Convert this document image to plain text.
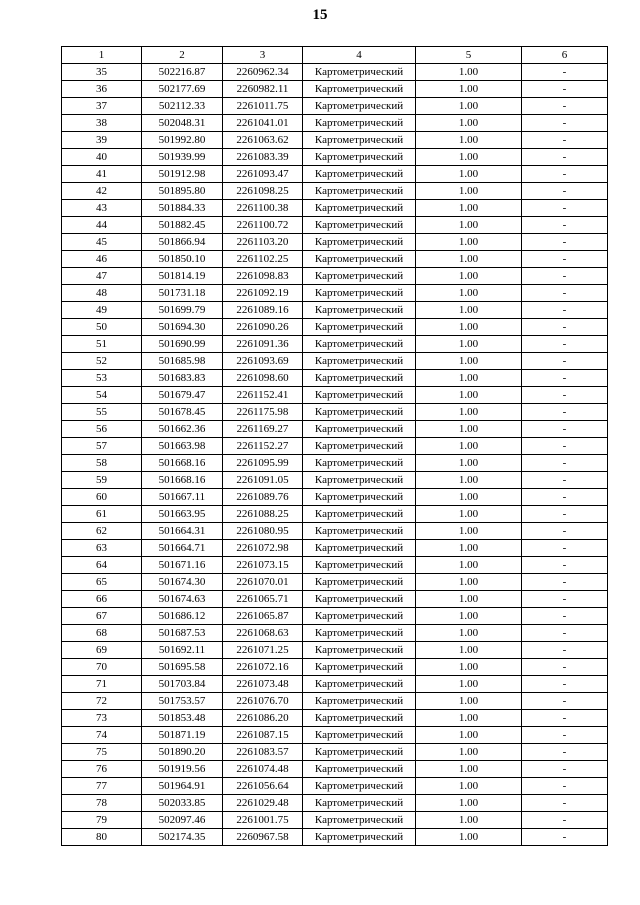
15
1	2	3	4	5	6
35	502216.87	2260962.34	Картометрический	1.00	-
36	502177.69	2260982.11	Картометрический	1.00	-
37	502112.33	2261011.75	Картометрический	1.00	-
38	502048.31	2261041.01	Картометрический	1.00	-
39	501992.80	2261063.62	Картометрический	1.00	-
40	501939.99	2261083.39	Картометрический	1.00	-
41	501912.98	2261093.47	Картометрический	1.00	-
42	501895.80	2261098.25	Картометрический	1.00	-
43	501884.33	2261100.38	Картометрический	1.00	-
44	501882.45	2261100.72	Картометрический	1.00	-
45	501866.94	2261103.20	Картометрический	1.00	-
46	501850.10	2261102.25	Картометрический	1.00	-
47	501814.19	2261098.83	Картометрический	1.00	-
48	501731.18	2261092.19	Картометрический	1.00	-
49	501699.79	2261089.16	Картометрический	1.00	-
50	501694.30	2261090.26	Картометрический	1.00	-
51	501690.99	2261091.36	Картометрический	1.00	-
52	501685.98	2261093.69	Картометрический	1.00	-
53	501683.83	2261098.60	Картометрический	1.00	-
54	501679.47	2261152.41	Картометрический	1.00	-
55	501678.45	2261175.98	Картометрический	1.00	-
56	501662.36	2261169.27	Картометрический	1.00	-
57	501663.98	2261152.27	Картометрический	1.00	-
58	501668.16	2261095.99	Картометрический	1.00	-
59	501668.16	2261091.05	Картометрический	1.00	-
60	501667.11	2261089.76	Картометрический	1.00	-
61	501663.95	2261088.25	Картометрический	1.00	-
62	501664.31	2261080.95	Картометрический	1.00	-
63	501664.71	2261072.98	Картометрический	1.00	-
64	501671.16	2261073.15	Картометрический	1.00	-
65	501674.30	2261070.01	Картометрический	1.00	-
66	501674.63	2261065.71	Картометрический	1.00	-
67	501686.12	2261065.87	Картометрический	1.00	-
68	501687.53	2261068.63	Картометрический	1.00	-
69	501692.11	2261071.25	Картометрический	1.00	-
70	501695.58	2261072.16	Картометрический	1.00	-
71	501703.84	2261073.48	Картометрический	1.00	-
72	501753.57	2261076.70	Картометрический	1.00	-
73	501853.48	2261086.20	Картометрический	1.00	-
74	501871.19	2261087.15	Картометрический	1.00	-
75	501890.20	2261083.57	Картометрический	1.00	-
76	501919.56	2261074.48	Картометрический	1.00	-
77	501964.91	2261056.64	Картометрический	1.00	-
78	502033.85	2261029.48	Картометрический	1.00	-
79	502097.46	2261001.75	Картометрический	1.00	-
80	502174.35	2260967.58	Картометрический	1.00	-
